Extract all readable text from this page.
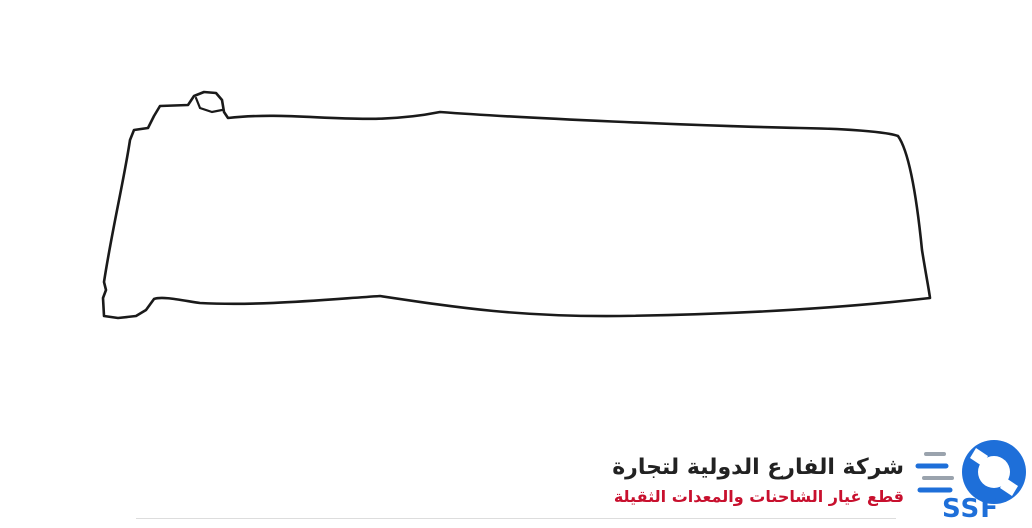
شركة الفارع الدولية لتجارة
قطع غيار الشاحنات والمعدات الثقيلة SSF
